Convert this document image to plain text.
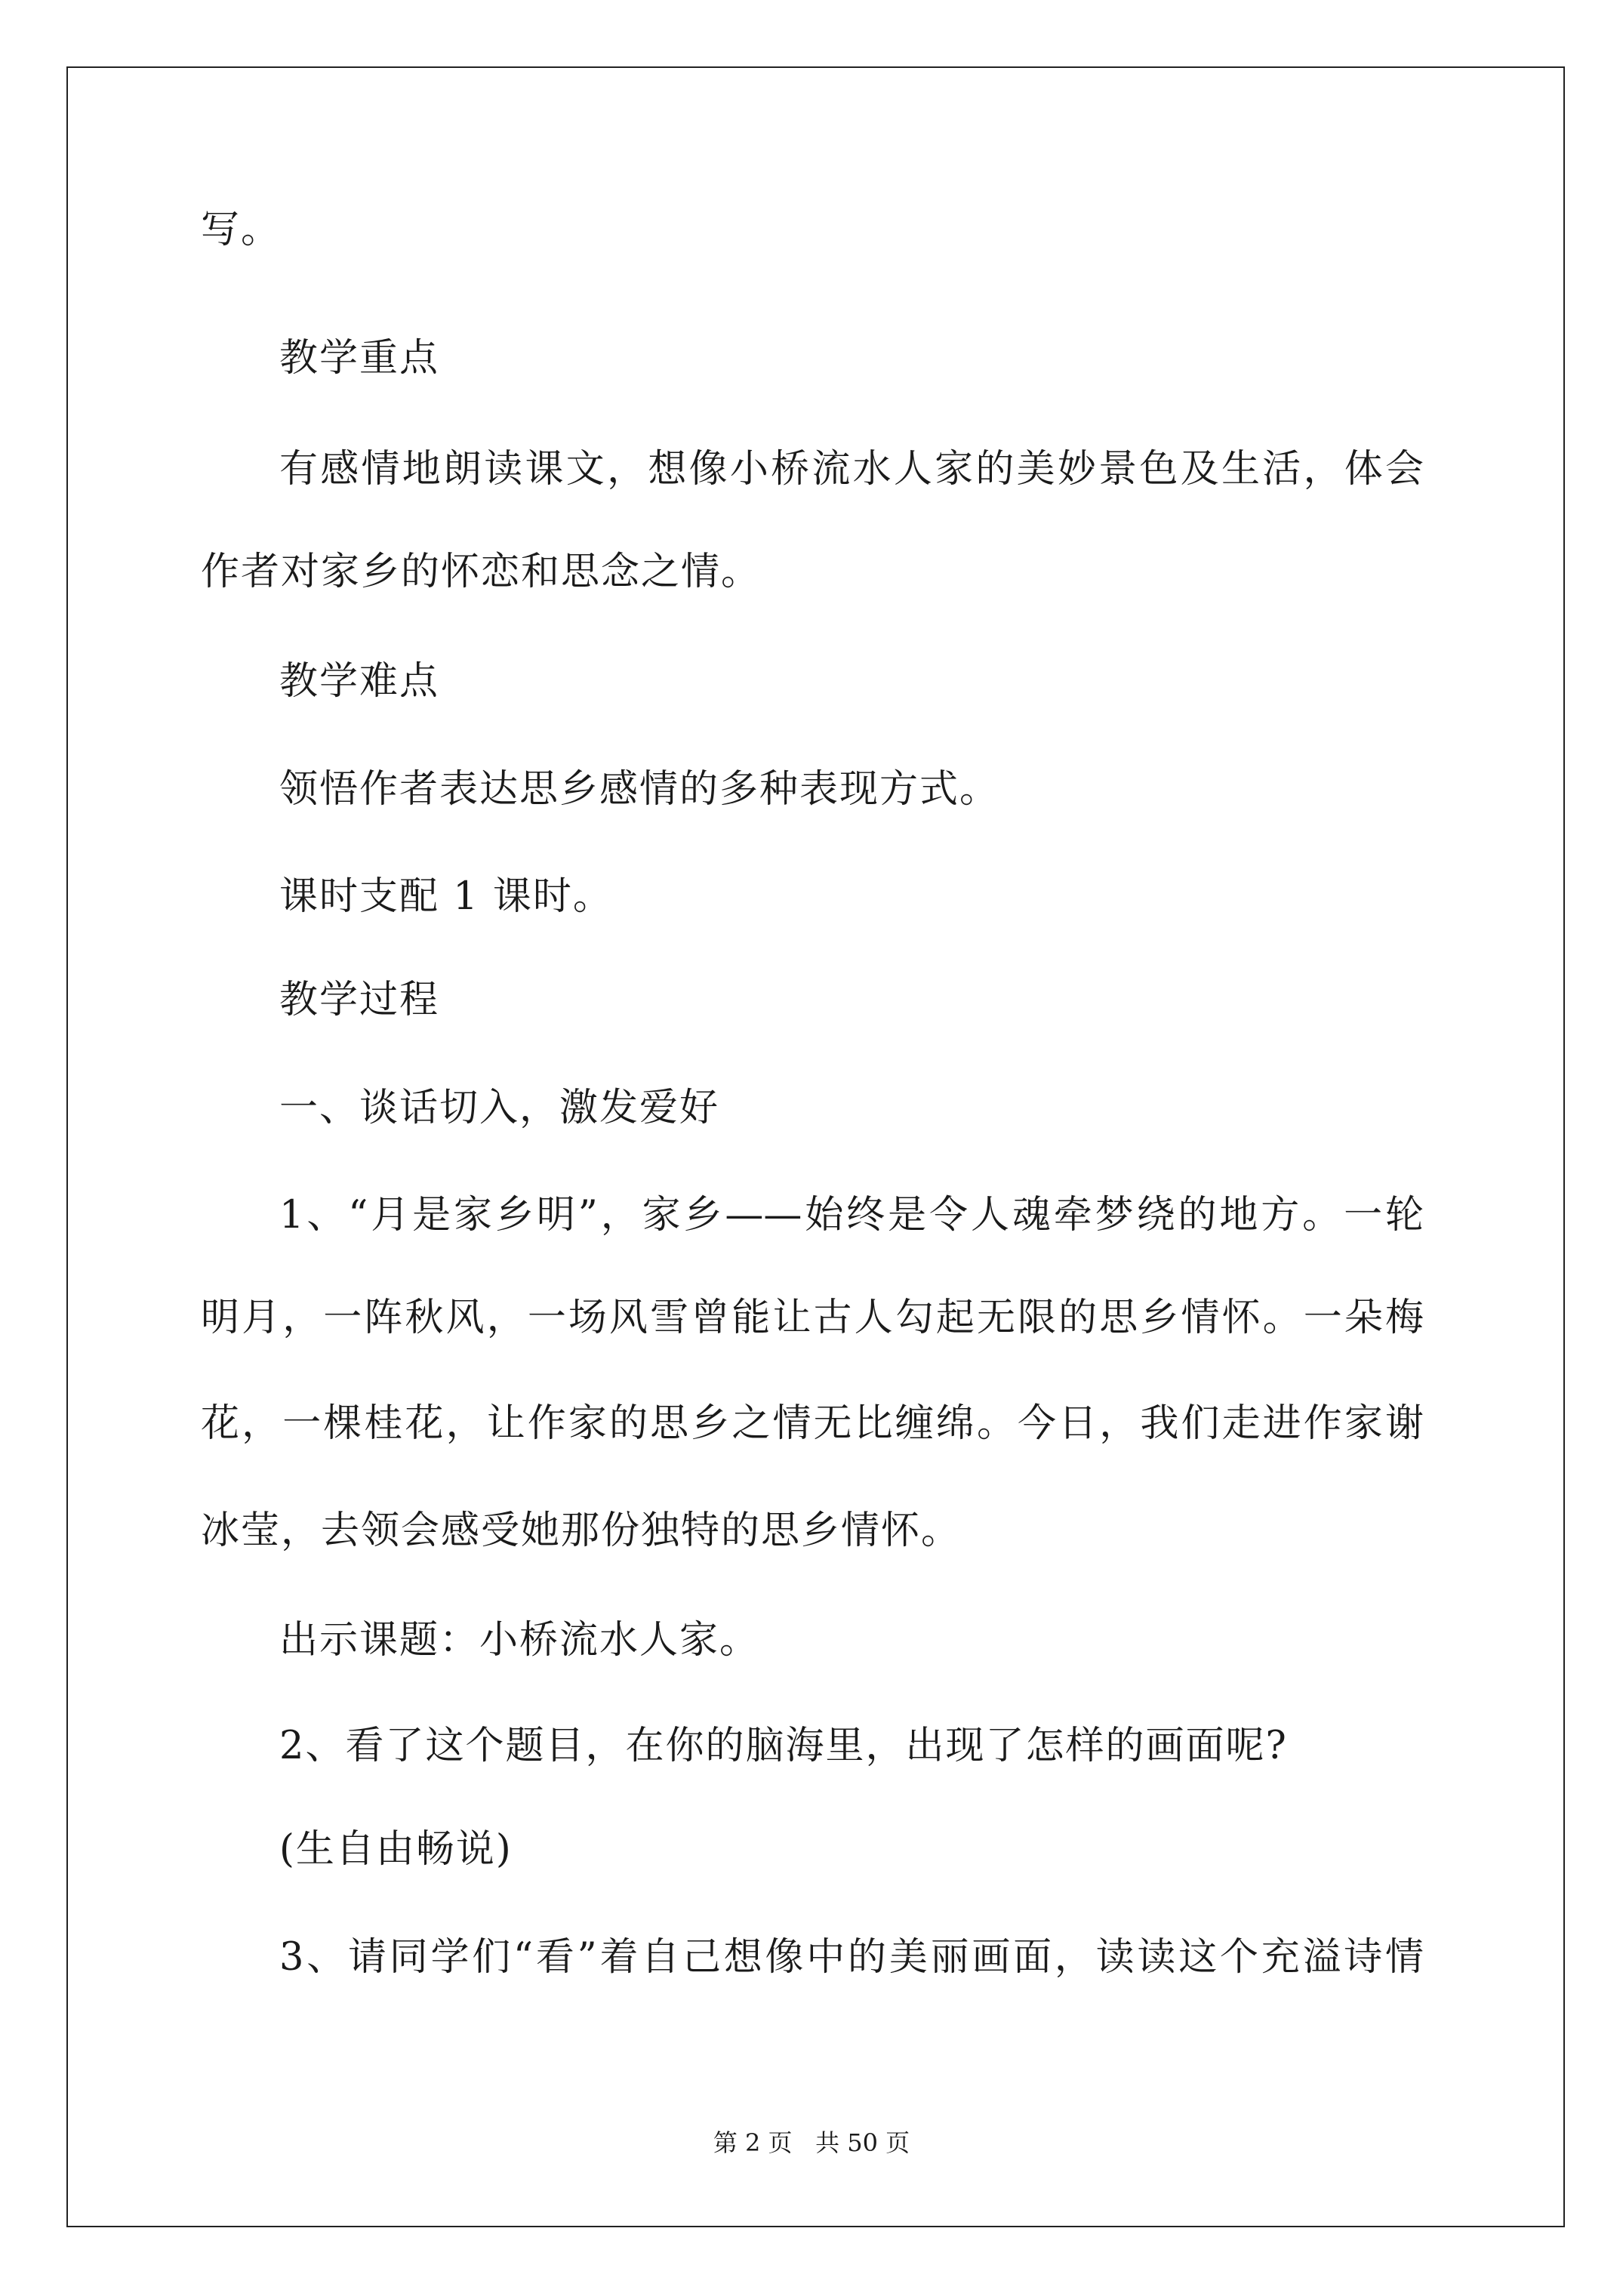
写。
教学重点
有感情地朗读课文，想像小桥流水人家的美妙景色及生活，体会
作者对家乡的怀恋和思念之情。
教学难点
领悟作者表达思乡感情的多种表现方式。
课时支配 1 课时。
教学过程
一、谈话切入，激发爱好
1、“月是家乡明”，家乡——始终是令人魂牵梦绕的地方。一轮
明月，一阵秋风，一场风雪曾能让古人勾起无限的思乡情怀。一朵梅
花，一棵桂花，让作家的思乡之情无比缠绵。今日，我们走进作家谢
冰莹，去领会感受她那份独特的思乡情怀。
出示课题：小桥流水人家。
2、看了这个题目，在你的脑海里，出现了怎样的画面呢?
(生自由畅说)
3、请同学们“看”着自己想像中的美丽画面，读读这个充溢诗情
第 2 页   共 50 页
